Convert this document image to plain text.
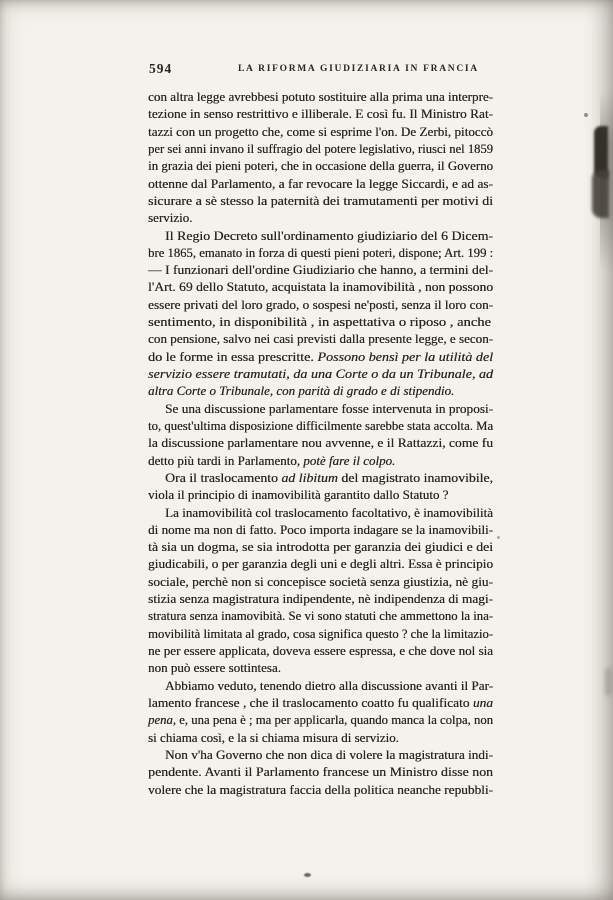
594	LA RIFORMA GIUDIZIARIA IN FRANCIA
con altra legge avrebbesi potuto sostituire alla prima una interpre-
tezione in senso restrittivo e illiberale. E così fu. Il Ministro Rat-
tazzi con un progetto che, come si esprime l'on. De Zerbi, pitoccò
per sei anni invano il suffragio del potere legislativo, riusci nel 1859
in grazia dei pieni poteri, che in occasione della guerra, il Governo
ottenne dal Parlamento, a far revocare la legge Siccardi, e ad as-
sicurare a sè stesso la paternità dei tramutamenti per motivi di
servizio.
Il Regio Decreto sull'ordinamento giudiziario del 6 Dicem-
bre 1865, emanato in forza di questi pieni poteri, dispone; Art. 199 :
— I funzionari dell'ordine Giudiziario che hanno, a termini del-
l'Art. 69 dello Statuto, acquistata la inamovibilità , non possono
essere privati del loro grado, o sospesi ne'posti, senza il loro con-
sentimento, in disponibilità , in aspettativa o riposo , anche
con pensione, salvo nei casi previsti dalla presente legge, e secon-
do le forme in essa prescritte. Possono bensì per la utilità del
servizio essere tramutati, da una Corte o da un Tribunale, ad
altra Corte o Tribunale, con parità di grado e di stipendio.
Se una discussione parlamentare fosse intervenuta in proposi-
to, quest'ultima disposizione difficilmente sarebbe stata accolta. Ma
la discussione parlamentare nou avvenne, e il Rattazzi, come fu
detto più tardi in Parlamento, potè fare il colpo.
Ora il traslocamento ad libitum del magistrato inamovibile,
viola il principio di inamovibilità garantito dallo Statuto ?
La inamovibilità col traslocamento facoltativo, è inamovibilità
di nome ma non di fatto. Poco importa indagare se la inamovibili-
tà sia un dogma, se sia introdotta per garanzia dei giudici e dei
giudicabili, o per garanzia degli uni e degli altri. Essa è principio
sociale, perchè non si concepisce società senza giustizia, nè giu-
stizia senza magistratura indipendente, nè indipendenza di magi-
stratura senza inamovibità. Se vi sono statuti che ammettono la ina-
movibilità limitata al grado, cosa significa questo ? che la limitazio-
ne per essere applicata, doveva essere espressa, e che dove nol sia
non può essere sottintesa.
Abbiamo veduto, tenendo dietro alla discussione avanti il Par-
lamento francese , che il traslocamento coatto fu qualificato una
pena, e, una pena è ; ma per applicarla, quando manca la colpa, non
si chiama così, e la si chiama misura di servizio.
Non v'ha Governo che non dica di volere la magistratura indi-
pendente. Avanti il Parlamento francese un Ministro disse non
volere che la magistratura faccia della politica neanche repubbli-
